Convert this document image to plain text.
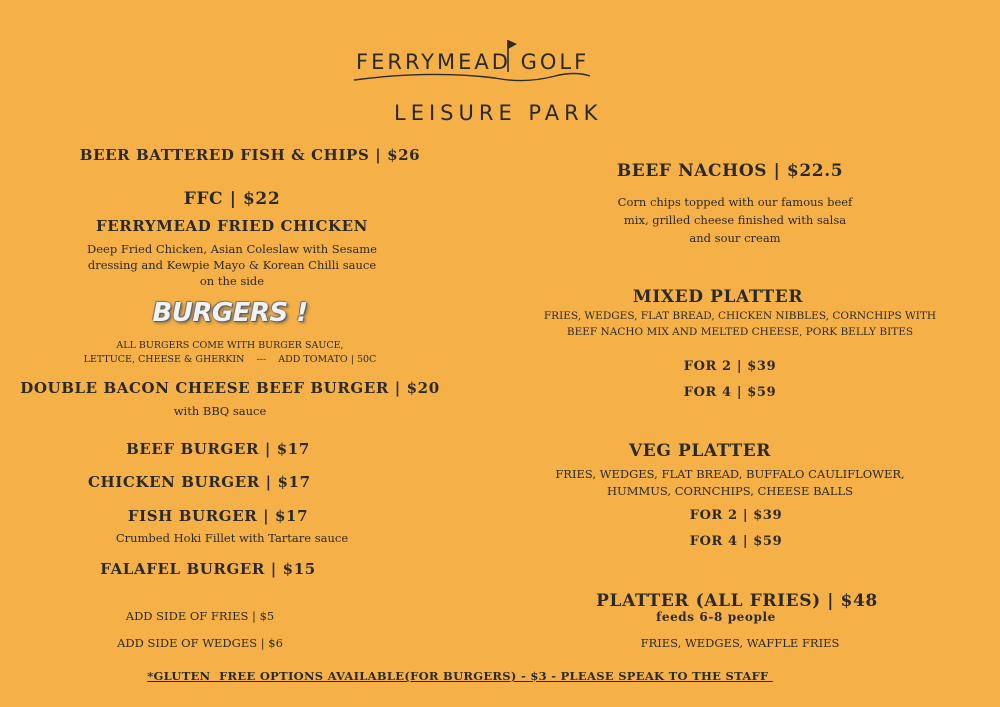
FERRYMEAD GOLF
LEISURE PARK
BEER BATTERED FISH & CHIPS | $26
FFC | $22
FERRYMEAD FRIED CHICKEN
Deep Fried Chicken, Asian Coleslaw with Sesame
dressing and Kewpie Mayo & Korean Chilli sauce
on the side
BURGERS !
ALL BURGERS COME WITH BURGER SAUCE,
LETTUCE, CHEESE & GHERKIN    ---    ADD TOMATO | 50C
DOUBLE BACON CHEESE BEEF BURGER | $20
with BBQ sauce
BEEF BURGER | $17
CHICKEN BURGER | $17
FISH BURGER | $17
Crumbed Hoki Fillet with Tartare sauce
FALAFEL BURGER | $15
ADD SIDE OF FRIES | $5
ADD SIDE OF WEDGES | $6
BEEF NACHOS | $22.5
Corn chips topped with our famous beef
mix, grilled cheese finished with salsa
and sour cream
MIXED PLATTER
FRIES, WEDGES, FLAT BREAD, CHICKEN NIBBLES, CORNCHIPS WITH
BEEF NACHO MIX AND MELTED CHEESE, PORK BELLY BITES
FOR 2 | $39
FOR 4 | $59
VEG PLATTER
FRIES, WEDGES, FLAT BREAD, BUFFALO CAULIFLOWER,
HUMMUS, CORNCHIPS, CHEESE BALLS
FOR 2 | $39
FOR 4 | $59
PLATTER (ALL FRIES) | $48
feeds 6-8 people
FRIES, WEDGES, WAFFLE FRIES
*GLUTEN  FREE OPTIONS AVAILABLE(FOR BURGERS) - $3 - PLEASE SPEAK TO THE STAFF
